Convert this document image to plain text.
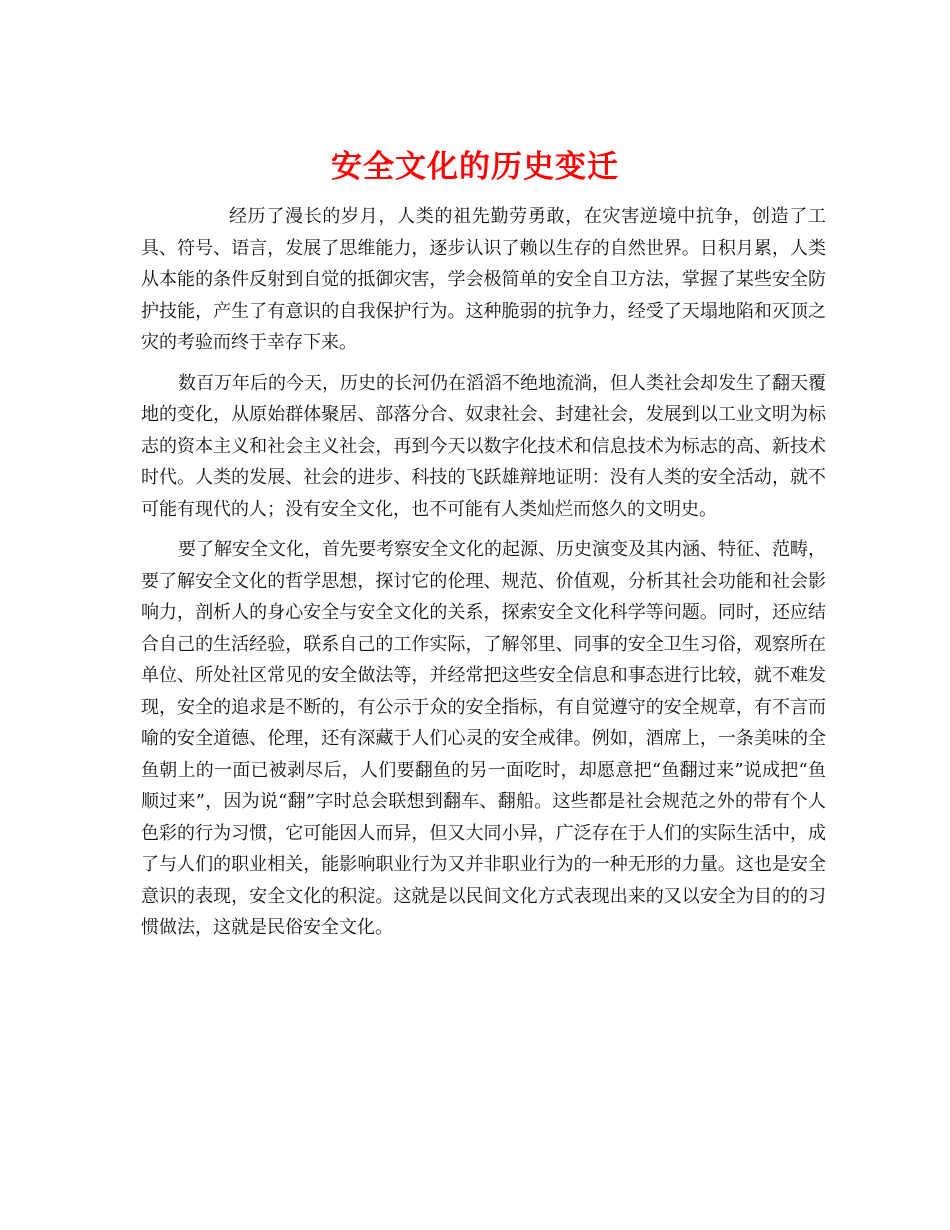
安全文化的历史变迁

经历了漫长的岁月，人类的祖先勤劳勇敢，在灾害逆境中抗争，创造了工具、符号、语言，发展了思维能力，逐步认识了赖以生存的自然世界。日积月累，人类从本能的条件反射到自觉的抵御灾害，学会极简单的安全自卫方法，掌握了某些安全防护技能，产生了有意识的自我保护行为。这种脆弱的抗争力，经受了天塌地陷和灭顶之灾的考验而终于幸存下来。

数百万年后的今天，历史的长河仍在滔滔不绝地流淌，但人类社会却发生了翻天覆地的变化，从原始群体聚居、部落分合、奴隶社会、封建社会，发展到以工业文明为标志的资本主义和社会主义社会，再到今天以数字化技术和信息技术为标志的高、新技术时代。人类的发展、社会的进步、科技的飞跃雄辩地证明：没有人类的安全活动，就不可能有现代的人；没有安全文化，也不可能有人类灿烂而悠久的文明史。

要了解安全文化，首先要考察安全文化的起源、历史演变及其内涵、特征、范畴，要了解安全文化的哲学思想，探讨它的伦理、规范、价值观，分析其社会功能和社会影响力，剖析人的身心安全与安全文化的关系，探索安全文化科学等问题。同时，还应结合自己的生活经验，联系自己的工作实际，了解邻里、同事的安全卫生习俗，观察所在单位、所处社区常见的安全做法等，并经常把这些安全信息和事态进行比较，就不难发现，安全的追求是不断的，有公示于众的安全指标，有自觉遵守的安全规章，有不言而喻的安全道德、伦理，还有深藏于人们心灵的安全戒律。例如，酒席上，一条美味的全鱼朝上的一面已被剥尽后，人们要翻鱼的另一面吃时，却愿意把“鱼翻过来”说成把“鱼顺过来”，因为说“翻”字时总会联想到翻车、翻船。这些都是社会规范之外的带有个人色彩的行为习惯，它可能因人而异，但又大同小异，广泛存在于人们的实际生活中，成了与人们的职业相关，能影响职业行为又并非职业行为的一种无形的力量。这也是安全意识的表现，安全文化的积淀。这就是以民间文化方式表现出来的又以安全为目的的习惯做法，这就是民俗安全文化。
